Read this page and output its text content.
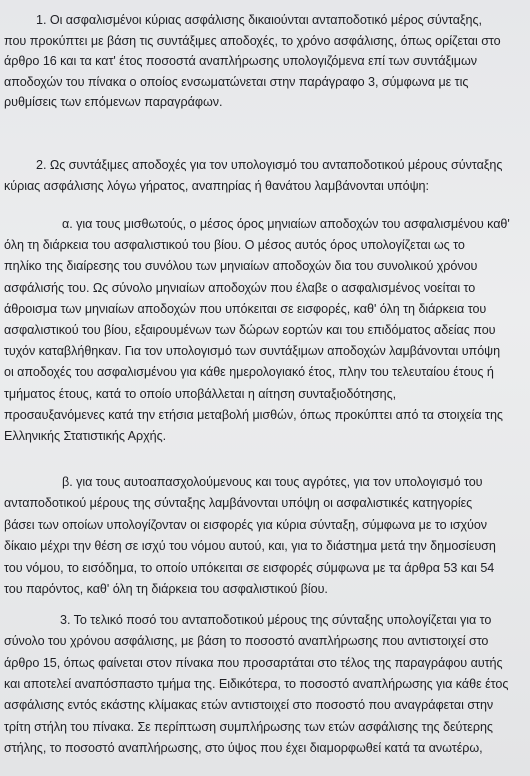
1. Οι ασφαλισμένοι κύριας ασφάλισης δικαιούνται ανταποδοτικό μέρος σύνταξης,
που προκύπτει με βάση τις συντάξιμες αποδοχές, το χρόνο ασφάλισης, όπως ορίζεται στο
άρθρο 16 και τα κατ' έτος ποσοστά αναπλήρωσης υπολογιζόμενα επί των συντάξιμων
αποδοχών του πίνακα ο οποίος ενσωματώνεται στην παράγραφο 3, σύμφωνα με τις
ρυθμίσεις των επόμενων παραγράφων.
2. Ως συντάξιμες αποδοχές για τον υπολογισμό του ανταποδοτικού μέρους σύνταξης
κύριας ασφάλισης λόγω γήρατος, αναπηρίας ή θανάτου λαμβάνονται υπόψη:
α. για τους μισθωτούς, ο μέσος όρος μηνιαίων αποδοχών του ασφαλισμένου καθ'
όλη τη διάρκεια του ασφαλιστικού του βίου. Ο μέσος αυτός όρος υπολογίζεται ως το
πηλίκο της διαίρεσης του συνόλου των μηνιαίων αποδοχών δια του συνολικού χρόνου
ασφάλισής του. Ως σύνολο μηνιαίων αποδοχών που έλαβε ο ασφαλισμένος νοείται το
άθροισμα των μηνιαίων αποδοχών που υπόκειται σε εισφορές, καθ' όλη τη διάρκεια του
ασφαλιστικού του βίου, εξαιρουμένων των δώρων εορτών και του επιδόματος αδείας που
τυχόν καταβλήθηκαν. Για τον υπολογισμό των συντάξιμων αποδοχών λαμβάνονται υπόψη
οι αποδοχές του ασφαλισμένου για κάθε ημερολογιακό έτος, πλην του τελευταίου έτους ή
τμήματος έτους, κατά το οποίο υποβάλλεται η αίτηση συνταξιοδότησης,
προσαυξανόμενες κατά την ετήσια μεταβολή μισθών, όπως προκύπτει από τα στοιχεία της
Ελληνικής Στατιστικής Αρχής.
β. για τους αυτοαπασχολούμενους και τους αγρότες, για τον υπολογισμό του
ανταποδοτικού μέρους της σύνταξης λαμβάνονται υπόψη οι ασφαλιστικές κατηγορίες
βάσει των οποίων υπολογίζονταν οι εισφορές για κύρια σύνταξη, σύμφωνα με το ισχύον
δίκαιο μέχρι την θέση σε ισχύ του νόμου αυτού, και, για το διάστημα μετά την δημοσίευση
του νόμου, το εισόδημα, το οποίο υπόκειται σε εισφορές σύμφωνα με τα άρθρα 53 και 54
του παρόντος, καθ' όλη τη διάρκεια του ασφαλιστικού βίου.
3. Το τελικό ποσό του ανταποδοτικού μέρους της σύνταξης υπολογίζεται για το
σύνολο του χρόνου ασφάλισης, με βάση το ποσοστό αναπλήρωσης που αντιστοιχεί στο
άρθρο 15, όπως φαίνεται στον πίνακα που προσαρτάται στο τέλος της παραγράφου αυτής
και αποτελεί αναπόσπαστο τμήμα της. Ειδικότερα, το ποσοστό αναπλήρωσης για κάθε έτος
ασφάλισης εντός εκάστης κλίμακας ετών αντιστοιχεί στο ποσοστό που αναγράφεται στην
τρίτη στήλη του πίνακα. Σε περίπτωση συμπλήρωσης των ετών ασφάλισης της δεύτερης
στήλης, το ποσοστό αναπλήρωσης, στο ύψος που έχει διαμορφωθεί κατά τα ανωτέρω,
